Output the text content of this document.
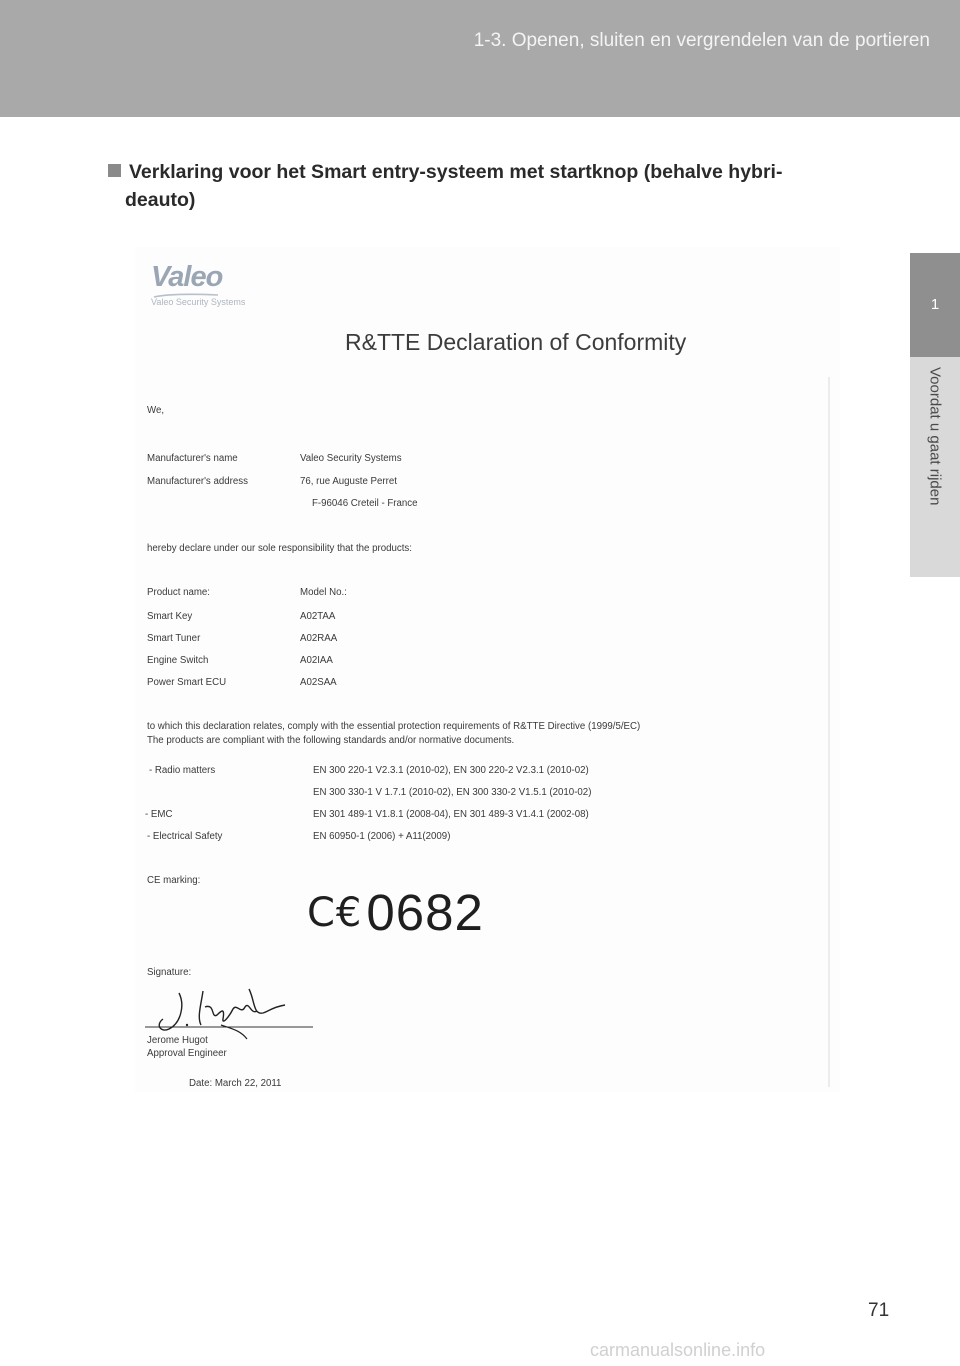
1-3. Openen, sluiten en vergrendelen van de portieren
1
Voordat u gaat rijden
Verklaring voor het Smart entry-systeem met startknop (behalve hybri-
deauto)
Valeo
Valeo Security Systems
R&TTE Declaration of Conformity
We,
Manufacturer's name	Valeo Security Systems
Manufacturer's address	76, rue Auguste Perret
F-96046 Creteil - France
hereby declare under our sole responsibility that the products:
Product name:	Model No.:
Smart Key	A02TAA
Smart Tuner	A02RAA
Engine Switch	A02IAA
Power Smart ECU	A02SAA
to which this declaration relates, comply with the essential protection requirements of R&TTE Directive (1999/5/EC)
The products are compliant with the following standards and/or normative documents.
- Radio matters	EN 300 220-1 V2.3.1 (2010-02), EN 300 220-2 V2.3.1 (2010-02)
EN 300 330-1 V 1.7.1 (2010-02), EN 300 330-2 V1.5.1 (2010-02)
- EMC	EN 301 489-1 V1.8.1 (2008-04), EN 301 489-3 V1.4.1 (2002-08)
- Electrical Safety	EN 60950-1 (2006) + A11(2009)
CE marking:
C€0682
Signature:
Jerome Hugot
Approval Engineer
Date: March 22, 2011
71
carmanualsonline.info
